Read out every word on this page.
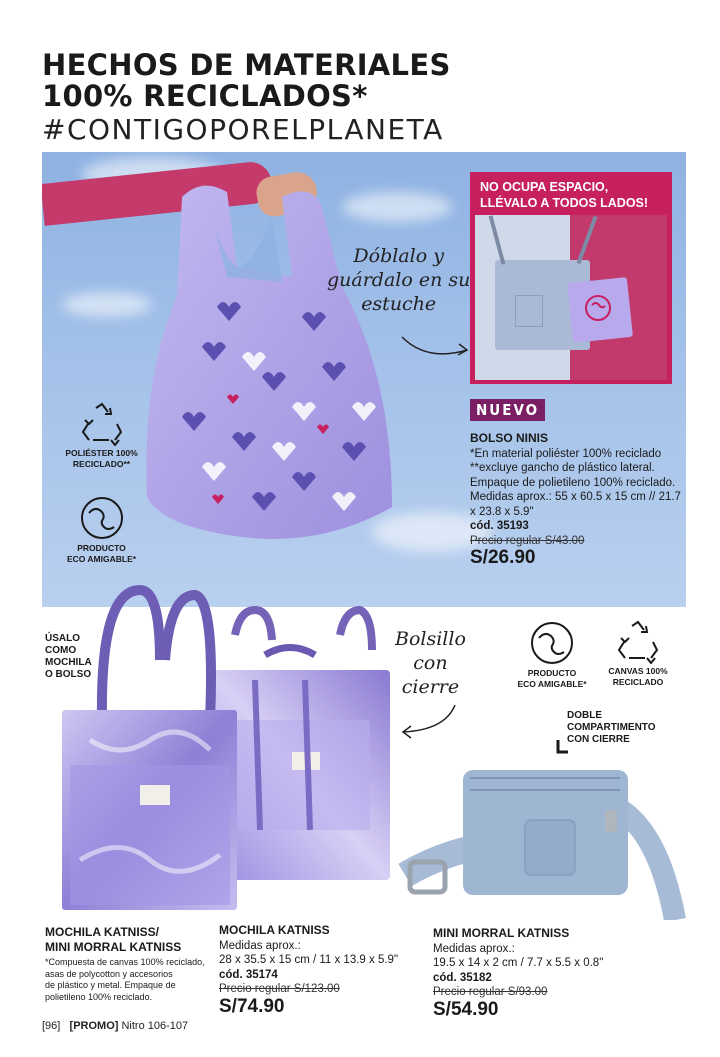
HECHOS DE MATERIALES
100% RECICLADOS*
#CONTIGOPORELPLANETA
Dóblalo y
guárdalo en su
estuche
NO OCUPA ESPACIO,
LLÉVALO A TODOS LADOS!
NUEVO
BOLSO NINIS
*En material poliéster 100% reciclado
**excluye gancho de plástico lateral.
Empaque de polietileno 100% reciclado.
Medidas aprox.: 55 x 60.5 x 15 cm // 21.7
x 23.8 x 5.9"
cód. 35193
Precio regular S/43.00
S/26.90
POLIÉSTER 100%
RECICLADO**
PRODUCTO
ECO AMIGABLE*
ÚSALO
COMO
MOCHILA
O BOLSO
Bolsillo
con
cierre
PRODUCTO
ECO AMIGABLE*
CANVAS 100%
RECICLADO
DOBLE
COMPARTIMENTO
CON CIERRE
MOCHILA KATNISS/
MINI MORRAL KATNISS
*Compuesta de canvas 100% reciclado,
asas de polycotton y accesorios
de plástico y metal. Empaque de
polietileno 100% reciclado.
MOCHILA KATNISS
Medidas aprox.:
28 x 35.5 x 15 cm / 11 x 13.9 x 5.9"
cód. 35174
Precio regular S/123.00
S/74.90
MINI MORRAL KATNISS
Medidas aprox.:
19.5 x 14 x 2 cm / 7.7 x 5.5 x 0.8"
cód. 35182
Precio regular S/93.00
S/54.90
[96] [PROMO] Nitro 106-107
